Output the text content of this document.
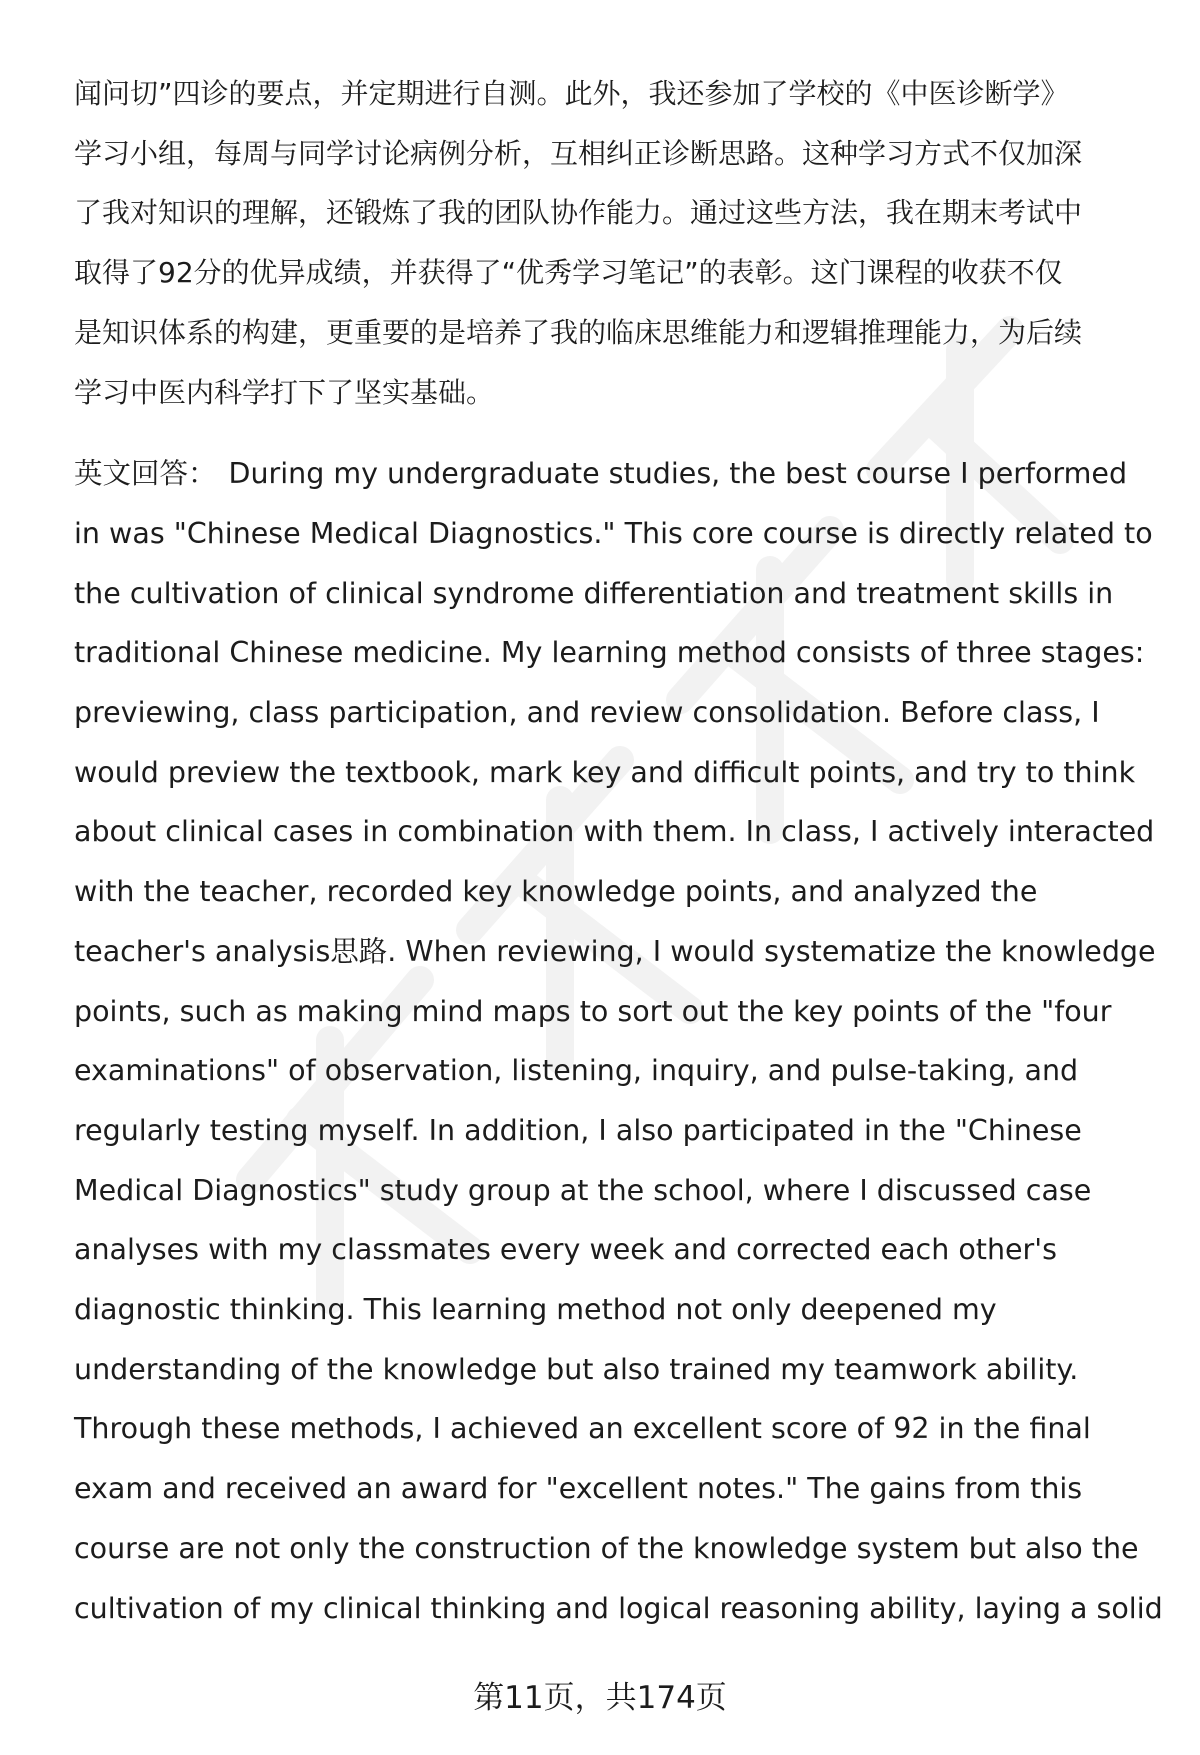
闻问切”四诊的要点，并定期进行自测。此外，我还参加了学校的《中医诊断学》
学习小组，每周与同学讨论病例分析，互相纠正诊断思路。这种学习方式不仅加深
了我对知识的理解，还锻炼了我的团队协作能力。通过这些方法，我在期末考试中
取得了92分的优异成绩，并获得了“优秀学习笔记”的表彰。这门课程的收获不仅
是知识体系的构建，更重要的是培养了我的临床思维能力和逻辑推理能力，为后续
学习中医内科学打下了坚实基础。

英文回答： During my undergraduate studies, the best course I performed
in was "Chinese Medical Diagnostics." This core course is directly related to
the cultivation of clinical syndrome differentiation and treatment skills in
traditional Chinese medicine. My learning method consists of three stages:
previewing, class participation, and review consolidation. Before class, I
would preview the textbook, mark key and difficult points, and try to think
about clinical cases in combination with them. In class, I actively interacted
with the teacher, recorded key knowledge points, and analyzed the
teacher's analysis思路. When reviewing, I would systematize the knowledge
points, such as making mind maps to sort out the key points of the "four
examinations" of observation, listening, inquiry, and pulse-taking, and
regularly testing myself. In addition, I also participated in the "Chinese
Medical Diagnostics" study group at the school, where I discussed case
analyses with my classmates every week and corrected each other's
diagnostic thinking. This learning method not only deepened my
understanding of the knowledge but also trained my teamwork ability.
Through these methods, I achieved an excellent score of 92 in the final
exam and received an award for "excellent notes." The gains from this
course are not only the construction of the knowledge system but also the
cultivation of my clinical thinking and logical reasoning ability, laying a solid

第11页，共174页
